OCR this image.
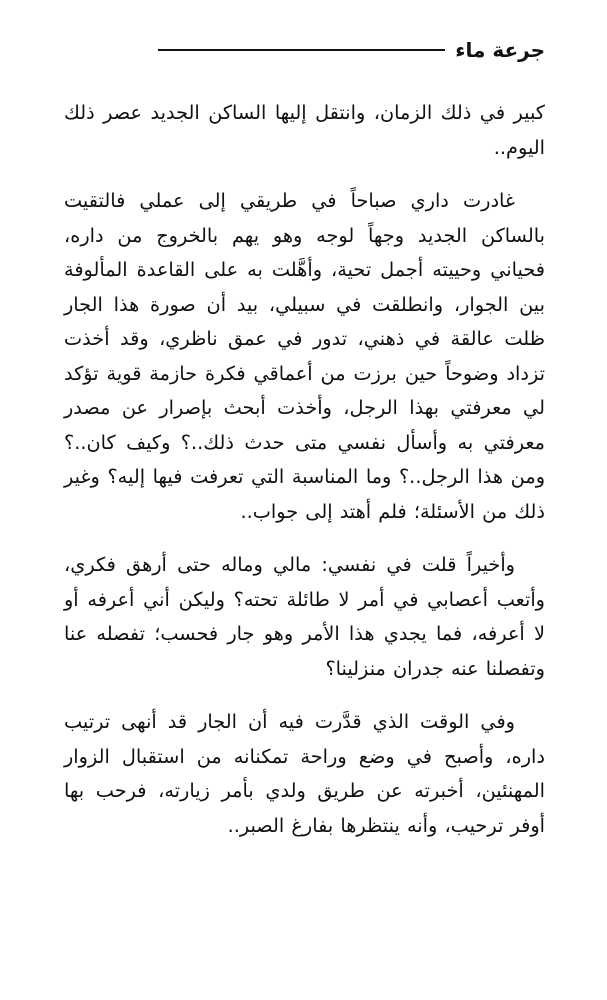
جرعة ماء

كبير في ذلك الزمان، وانتقل إليها الساكن الجديد عصر ذلك اليوم..

غادرت داري صباحاً في طريقي إلى عملي فالتقيت بالساكن الجديد وجهاً لوجه وهو يهم بالخروج من داره، فحياني وحييته أجمل تحية، وأهَّلت به على القاعدة المألوفة بين الجوار، وانطلقت في سبيلي، بيد أن صورة هذا الجار ظلت عالقة في ذهني، تدور في عمق ناظري، وقد أخذت تزداد وضوحاً حين برزت من أعماقي فكرة حازمة قوية تؤكد لي معرفتي بهذا الرجل، وأخذت أبحث بإصرار عن مصدر معرفتي به وأسأل نفسي متى حدث ذلك..؟ وكيف كان..؟ ومن هذا الرجل..؟ وما المناسبة التي تعرفت فيها إليه؟ وغير ذلك من الأسئلة؛ فلم أهتد إلى جواب..

وأخيراً قلت في نفسي: مالي وماله حتى أرهق فكري، وأتعب أعصابي في أمر لا طائلة تحته؟ وليكن أني أعرفه أو لا أعرفه، فما يجدي هذا الأمر وهو جار فحسب؛ تفصله عنا وتفصلنا عنه جدران منزلينا؟

وفي الوقت الذي قدَّرت فيه أن الجار قد أنهى ترتيب داره، وأصبح في وضع وراحة تمكنانه من استقبال الزوار المهنئين، أخبرته عن طريق ولدي بأمر زيارته، فرحب بها أوفر ترحيب، وأنه ينتظرها بفارغ الصبر..
